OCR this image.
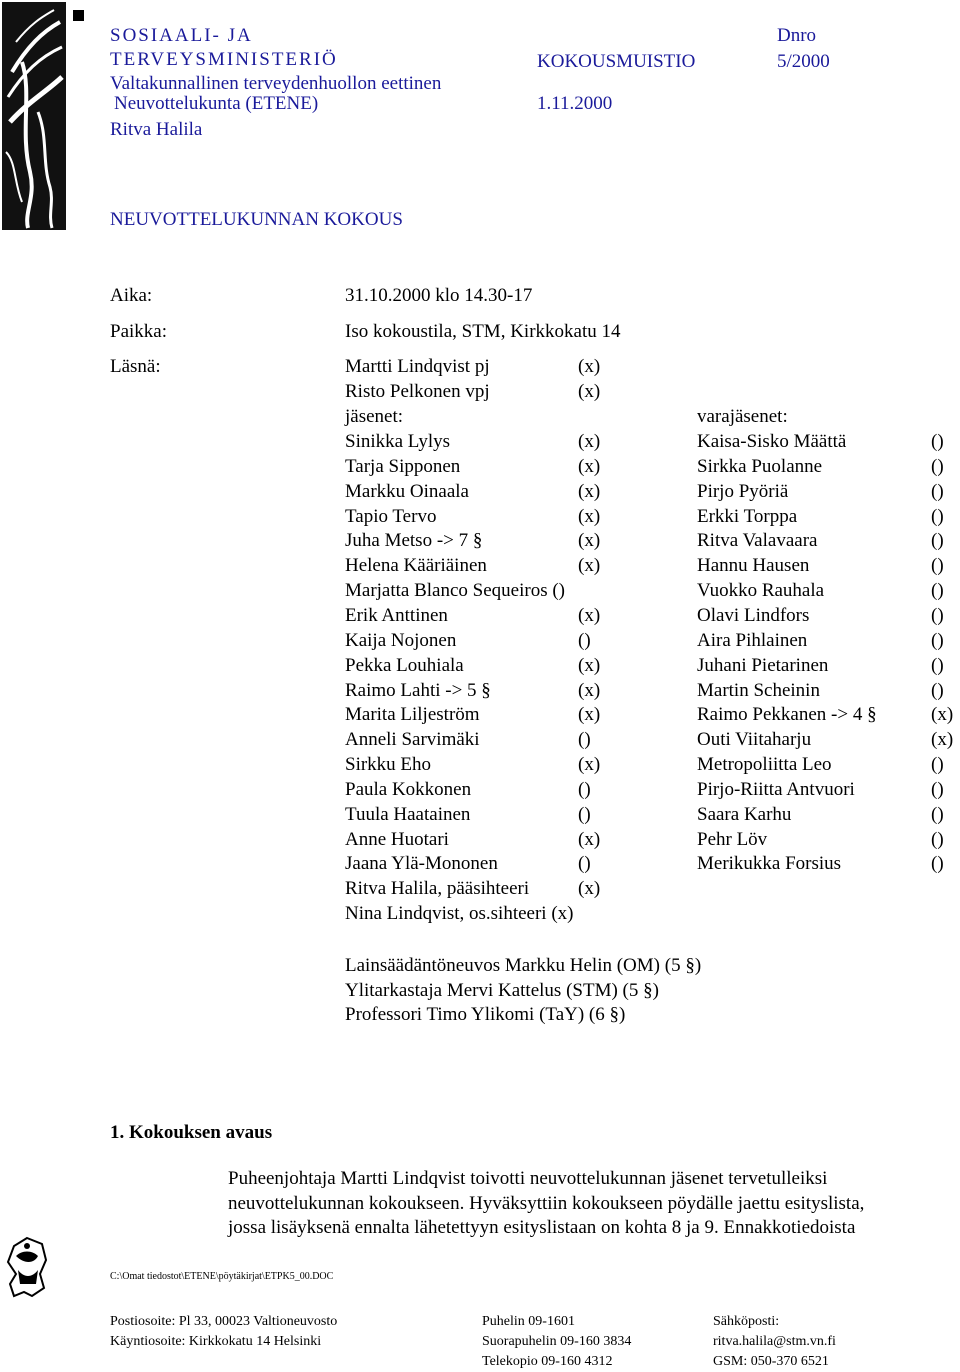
SOSIAALI- JA
TERVEYSMINISTERIÖ
Valtakunnallinen terveydenhuollon eettinen
Neuvottelukunta (ETENE)
Ritva Halila
KOKOUSMUISTIO
1.11.2000
Dnro
5/2000
NEUVOTTELUKUNNAN KOKOUS
Aika:	31.10.2000 klo 14.30-17
Paikka:	Iso kokoustila, STM, Kirkkokatu 14
Läsnä:	Martti Lindqvist pj	(x)
Risto Pelkonen vpj	(x)
jäsenet:	varajäsenet:
Sinikka Lylys	(x)	Kaisa-Sisko Määttä	()
Tarja Sipponen	(x)	Sirkka Puolanne	()
Markku Oinaala	(x)	Pirjo Pyöriä	()
Tapio Tervo	(x)	Erkki Torppa	()
Juha Metso -> 7 §	(x)	Ritva Valavaara	()
Helena Kääriäinen	(x)	Hannu Hausen	()
Marjatta Blanco Sequeiros ()	Vuokko Rauhala	()
Erik Anttinen	(x)	Olavi Lindfors	()
Kaija Nojonen	()	Aira Pihlainen	()
Pekka Louhiala	(x)	Juhani Pietarinen	()
Raimo Lahti -> 5 §	(x)	Martin Scheinin	()
Marita Liljeström	(x)	Raimo Pekkanen -> 4 §	(x)
Anneli Sarvimäki	()	Outi Viitaharju	(x)
Sirkku Eho	(x)	Metropoliitta Leo	()
Paula Kokkonen	()	Pirjo-Riitta Antvuori	()
Tuula Haatainen	()	Saara Karhu	()
Anne Huotari	(x)	Pehr Löv	()
Jaana Ylä-Mononen	()	Merikukka Forsius	()
Ritva Halila, pääsihteeri	(x)
Nina Lindqvist, os.sihteeri (x)
Lainsäädäntöneuvos Markku Helin (OM) (5 §)
Ylitarkastaja Mervi Kattelus (STM) (5 §)
Professori Timo Ylikomi (TaY) (6 §)
1. Kokouksen avaus
Puheenjohtaja Martti Lindqvist toivotti neuvottelukunnan jäsenet tervetulleiksi
neuvottelukunnan kokoukseen. Hyväksyttiin kokoukseen pöydälle jaettu esityslista,
jossa lisäyksenä ennalta lähetettyyn esityslistaan on kohta 8 ja 9. Ennakkotiedoista
C:\Omat tiedostot\ETENE\pöytäkirjat\ETPK5_00.DOC
Postiosoite: Pl 33, 00023 Valtioneuvosto
Käyntiosoite: Kirkkokatu 14 Helsinki
Puhelin 09-1601
Suorapuhelin 09-160 3834
Telekopio 09-160 4312
Sähköposti:
ritva.halila@stm.vn.fi
GSM: 050-370 6521
